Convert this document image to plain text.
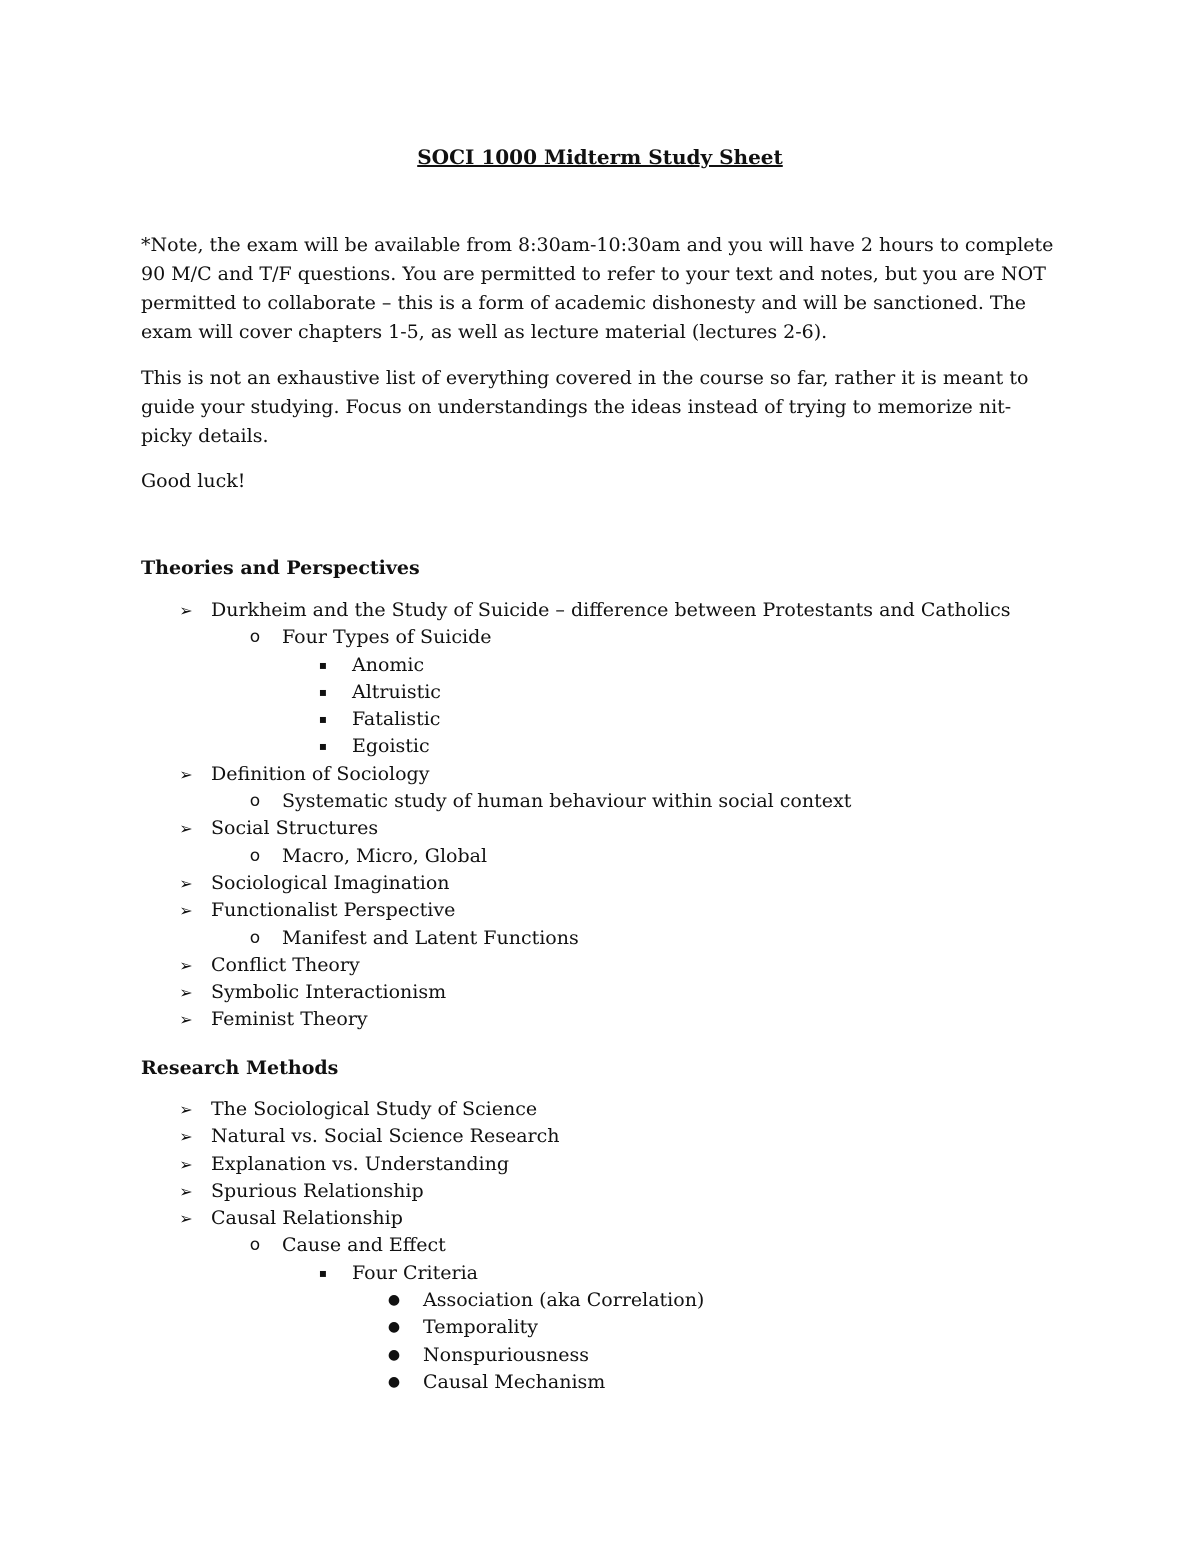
SOCI 1000 Midterm Study Sheet

*Note, the exam will be available from 8:30am-10:30am and you will have 2 hours to complete 90 M/C and T/F questions. You are permitted to refer to your text and notes, but you are NOT permitted to collaborate – this is a form of academic dishonesty and will be sanctioned. The exam will cover chapters 1-5, as well as lecture material (lectures 2-6).

This is not an exhaustive list of everything covered in the course so far, rather it is meant to guide your studying. Focus on understandings the ideas instead of trying to memorize nit-picky details.

Good luck!

Theories and Perspectives
➢ Durkheim and the Study of Suicide – difference between Protestants and Catholics
o Four Types of Suicide
▪	Anomic
▪	Altruistic
▪	Fatalistic
▪	Egoistic
➢ Definition of Sociology
o Systematic study of human behaviour within social context
➢ Social Structures
o Macro, Micro, Global
➢ Sociological Imagination
➢ Functionalist Perspective
o Manifest and Latent Functions
➢ Conflict Theory
➢ Symbolic Interactionism
➢ Feminist Theory
Research Methods
➢ The Sociological Study of Science
➢ Natural vs. Social Science Research
➢ Explanation vs. Understanding
➢ Spurious Relationship
➢ Causal Relationship
o Cause and Effect
▪	Four Criteria
● Association (aka Correlation)
● Temporality
● Nonspuriousness
● Causal Mechanism
